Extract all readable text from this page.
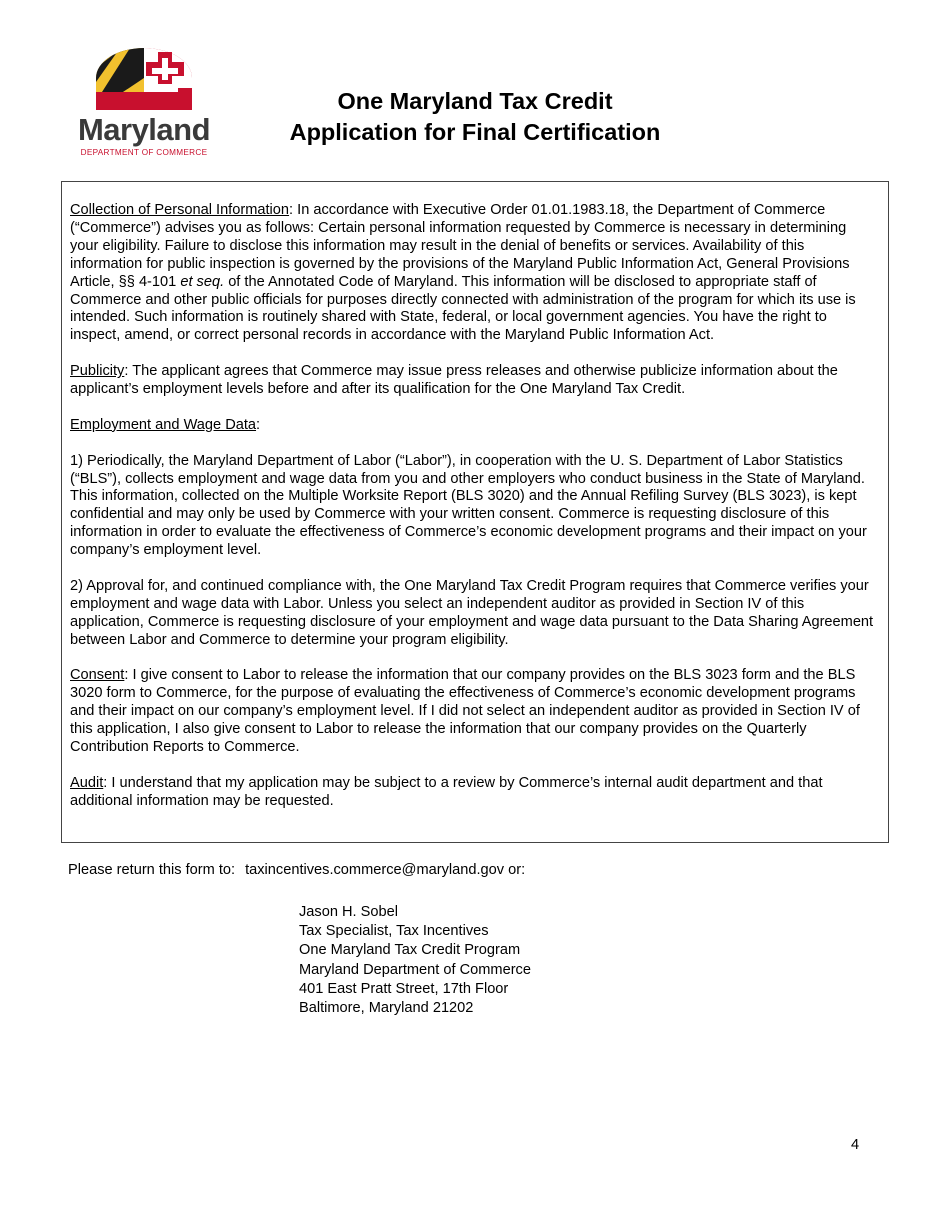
Maryland
DEPARTMENT OF COMMERCE
One Maryland Tax Credit
Application for Final Certification

Collection of Personal Information: In accordance with Executive Order 01.01.1983.18, the Department of Commerce (“Commerce”) advises you as follows: Certain personal information requested by Commerce is necessary in determining your eligibility. Failure to disclose this information may result in the denial of benefits or services. Availability of this information for public inspection is governed by the provisions of the Maryland Public Information Act, General Provisions Article, §§ 4-101 et seq. of the Annotated Code of Maryland. This information will be disclosed to appropriate staff of Commerce and other public officials for purposes directly connected with administration of the program for which its use is intended. Such information is routinely shared with State, federal, or local government agencies. You have the right to inspect, amend, or correct personal records in accordance with the Maryland Public Information Act.

Publicity: The applicant agrees that Commerce may issue press releases and otherwise publicize information about the applicant’s employment levels before and after its qualification for the One Maryland Tax Credit.

Employment and Wage Data:

1) Periodically, the Maryland Department of Labor (“Labor”), in cooperation with the U. S. Department of Labor Statistics (“BLS”), collects employment and wage data from you and other employers who conduct business in the State of Maryland. This information, collected on the Multiple Worksite Report (BLS 3020) and the Annual Refiling Survey (BLS 3023), is kept confidential and may only be used by Commerce with your written consent. Commerce is requesting disclosure of this information in order to evaluate the effectiveness of Commerce’s economic development programs and their impact on your company’s employment level.

2) Approval for, and continued compliance with, the One Maryland Tax Credit Program requires that Commerce verifies your employment and wage data with Labor. Unless you select an independent auditor as provided in Section IV of this application, Commerce is requesting disclosure of your employment and wage data pursuant to the Data Sharing Agreement between Labor and Commerce to determine your program eligibility.

Consent: I give consent to Labor to release the information that our company provides on the BLS 3023 form and the BLS 3020 form to Commerce, for the purpose of evaluating the effectiveness of Commerce’s economic development programs and their impact on our company’s employment level. If I did not select an independent auditor as provided in Section IV of this application, I also give consent to Labor to release the information that our company provides on the Quarterly Contribution Reports to Commerce.

Audit: I understand that my application may be subject to a review by Commerce’s internal audit department and that additional information may be requested.

Please return this form to: taxincentives.commerce@maryland.gov or:
Jason H. Sobel
Tax Specialist, Tax Incentives
One Maryland Tax Credit Program
Maryland Department of Commerce
401 East Pratt Street, 17th Floor
Baltimore, Maryland 21202
4
